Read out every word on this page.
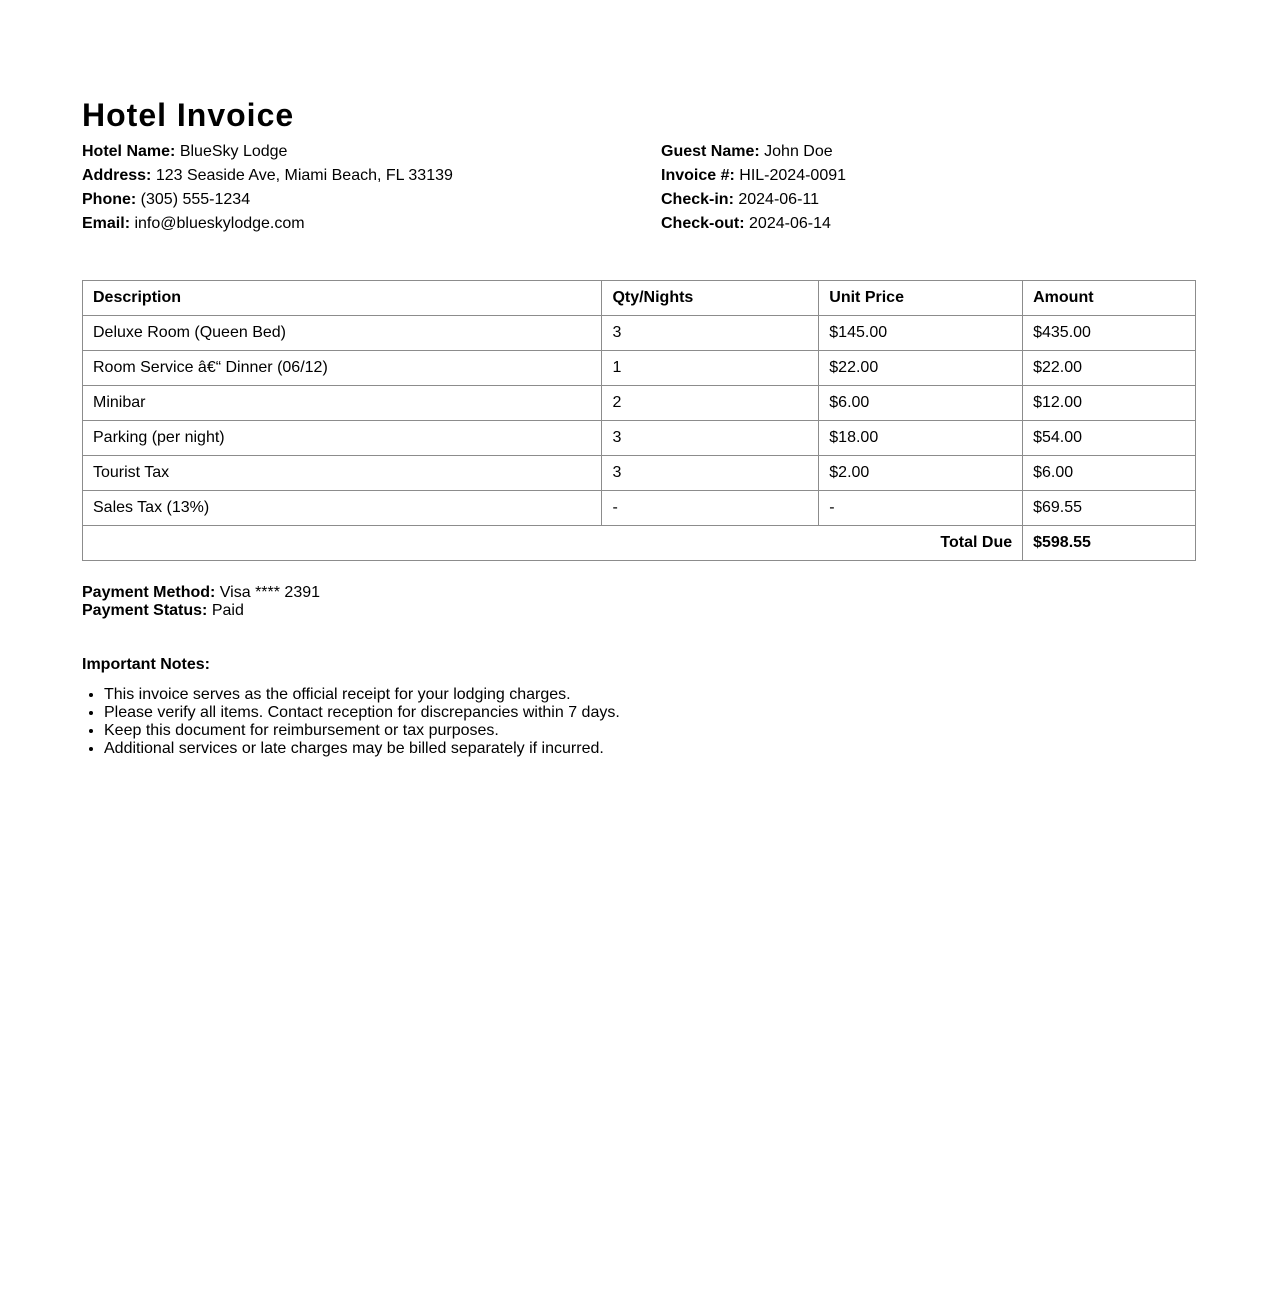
Hotel Invoice
Hotel Name: BlueSky Lodge
Address: 123 Seaside Ave, Miami Beach, FL 33139
Phone: (305) 555-1234
Email: info@blueskylodge.com
Guest Name: John Doe
Invoice #: HIL-2024-0091
Check-in: 2024-06-11
Check-out: 2024-06-14
Description	Qty/Nights	Unit Price	Amount
Deluxe Room (Queen Bed)	3	$145.00	$435.00
Room Service â€“ Dinner (06/12)	1	$22.00	$22.00
Minibar	2	$6.00	$12.00
Parking (per night)	3	$18.00	$54.00
Tourist Tax	3	$2.00	$6.00
Sales Tax (13%)	-	-	$69.55
Total Due			$598.55
Payment Method: Visa **** 2391
Payment Status: Paid
Important Notes:
• This invoice serves as the official receipt for your lodging charges.
• Please verify all items. Contact reception for discrepancies within 7 days.
• Keep this document for reimbursement or tax purposes.
• Additional services or late charges may be billed separately if incurred.
